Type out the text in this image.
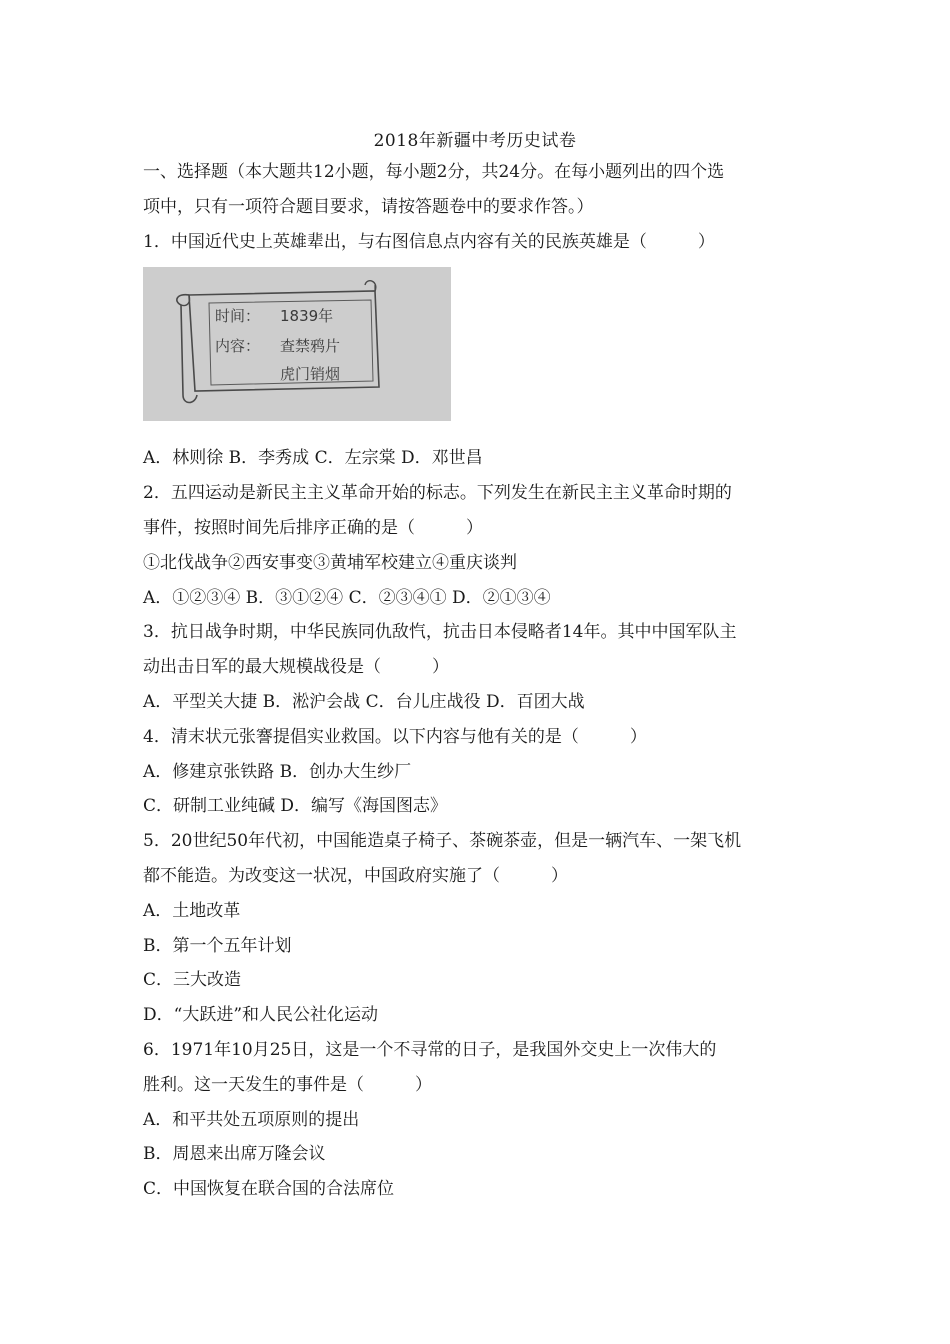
2018年新疆中考历史试卷
一、选择题（本大题共12小题，每小题2分，共24分。在每小题列出的四个选
项中，只有一项符合题目要求，请按答题卷中的要求作答。）
1．中国近代史上英雄辈出，与右图信息点内容有关的民族英雄是（　　　）
时间： 1839年
内容： 查禁鸦片
虎门销烟
A．林则徐 B．李秀成 C．左宗棠 D．邓世昌
2．五四运动是新民主主义革命开始的标志。下列发生在新民主主义革命时期的
事件，按照时间先后排序正确的是（　　　）
①北伐战争②西安事变③黄埔军校建立④重庆谈判
A．①②③④ B．③①②④ C．②③④① D．②①③④
3．抗日战争时期，中华民族同仇敌忾，抗击日本侵略者14年。其中中国军队主
动出击日军的最大规模战役是（　　　）
A．平型关大捷 B．淞沪会战 C．台儿庄战役 D．百团大战
4．清末状元张謇提倡实业救国。以下内容与他有关的是（　　　）
A．修建京张铁路 B．创办大生纱厂
C．研制工业纯碱 D．编写《海国图志》
5．20世纪50年代初，中国能造桌子椅子、茶碗茶壶，但是一辆汽车、一架飞机
都不能造。为改变这一状况，中国政府实施了（　　　）
A．土地改革
B．第一个五年计划
C．三大改造
D．“大跃进”和人民公社化运动
6．1971年10月25日，这是一个不寻常的日子，是我国外交史上一次伟大的
胜利。这一天发生的事件是（　　　）
A．和平共处五项原则的提出
B．周恩来出席万隆会议
C．中国恢复在联合国的合法席位
